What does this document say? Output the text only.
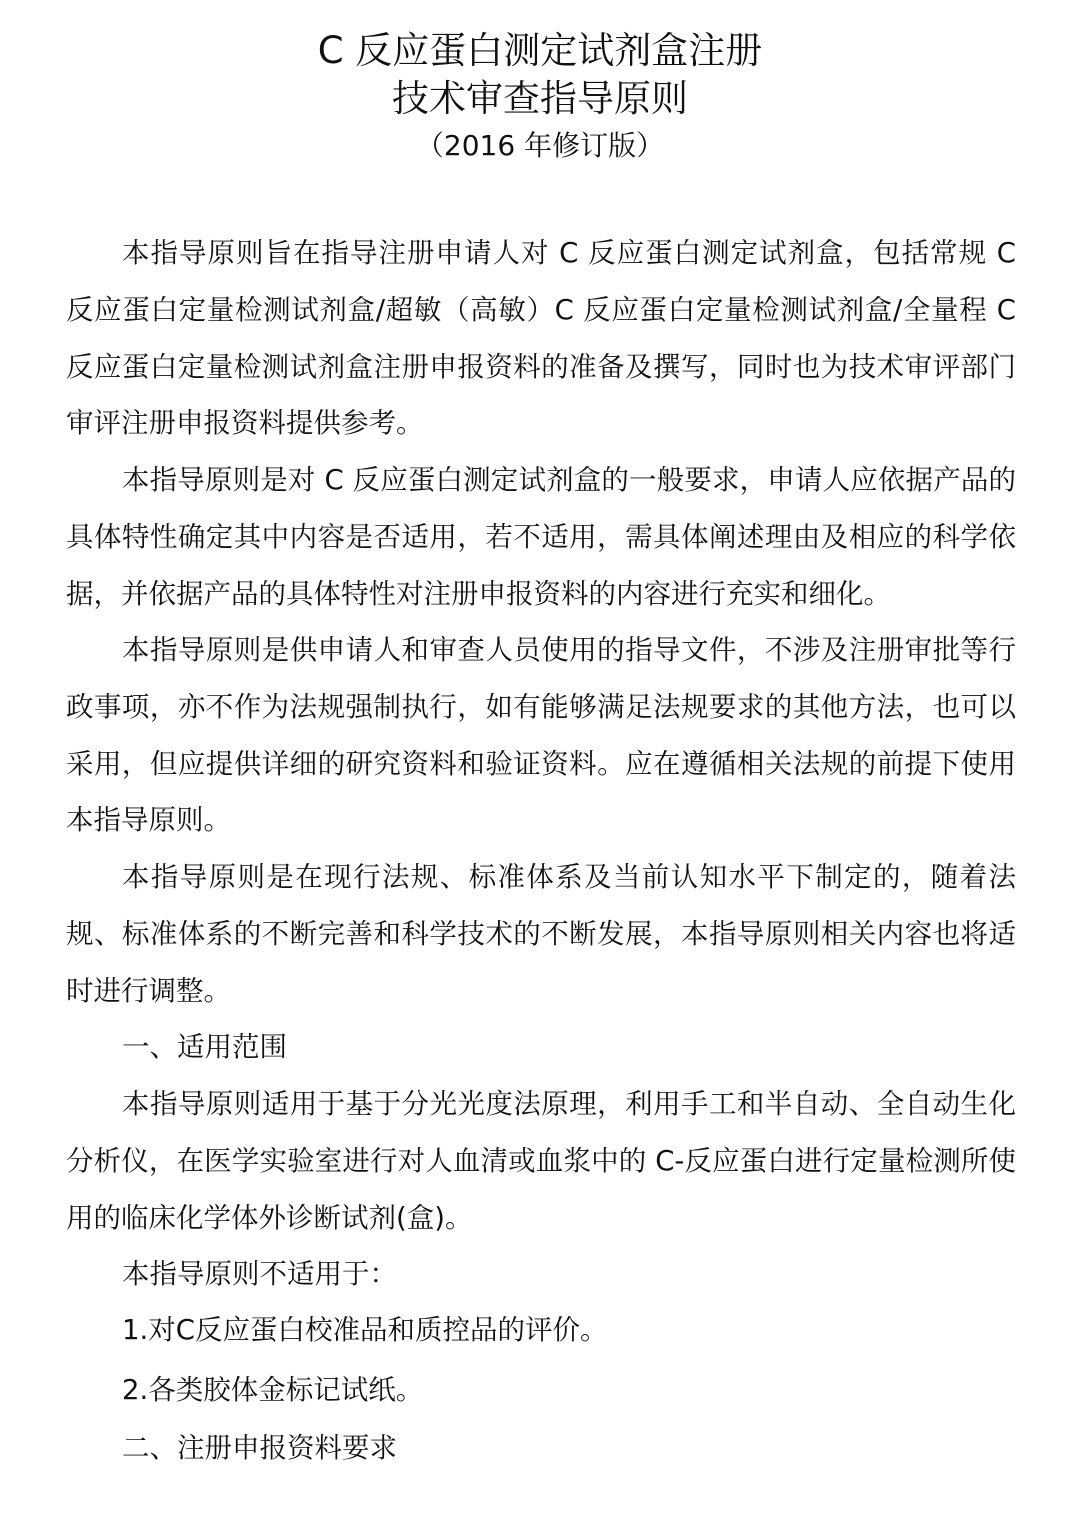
C 反应蛋白测定试剂盒注册
技术审查指导原则
（2016 年修订版）

本指导原则旨在指导注册申请人对 C 反应蛋白测定试剂盒，包括常规 C 反应蛋白定量检测试剂盒/超敏（高敏）C 反应蛋白定量检测试剂盒/全量程 C 反应蛋白定量检测试剂盒注册申报资料的准备及撰写，同时也为技术审评部门审评注册申报资料提供参考。

本指导原则是对 C 反应蛋白测定试剂盒的一般要求，申请人应依据产品的具体特性确定其中内容是否适用，若不适用，需具体阐述理由及相应的科学依据，并依据产品的具体特性对注册申报资料的内容进行充实和细化。

本指导原则是供申请人和审查人员使用的指导文件，不涉及注册审批等行政事项，亦不作为法规强制执行，如有能够满足法规要求的其他方法，也可以采用，但应提供详细的研究资料和验证资料。应在遵循相关法规的前提下使用本指导原则。

本指导原则是在现行法规、标准体系及当前认知水平下制定的，随着法规、标准体系的不断完善和科学技术的不断发展，本指导原则相关内容也将适时进行调整。

一、适用范围

本指导原则适用于基于分光光度法原理，利用手工和半自动、全自动生化分析仪，在医学实验室进行对人血清或血浆中的 C-反应蛋白进行定量检测所使用的临床化学体外诊断试剂(盒)。

本指导原则不适用于：

1.对C反应蛋白校准品和质控品的评价。

2.各类胶体金标记试纸。

二、注册申报资料要求
